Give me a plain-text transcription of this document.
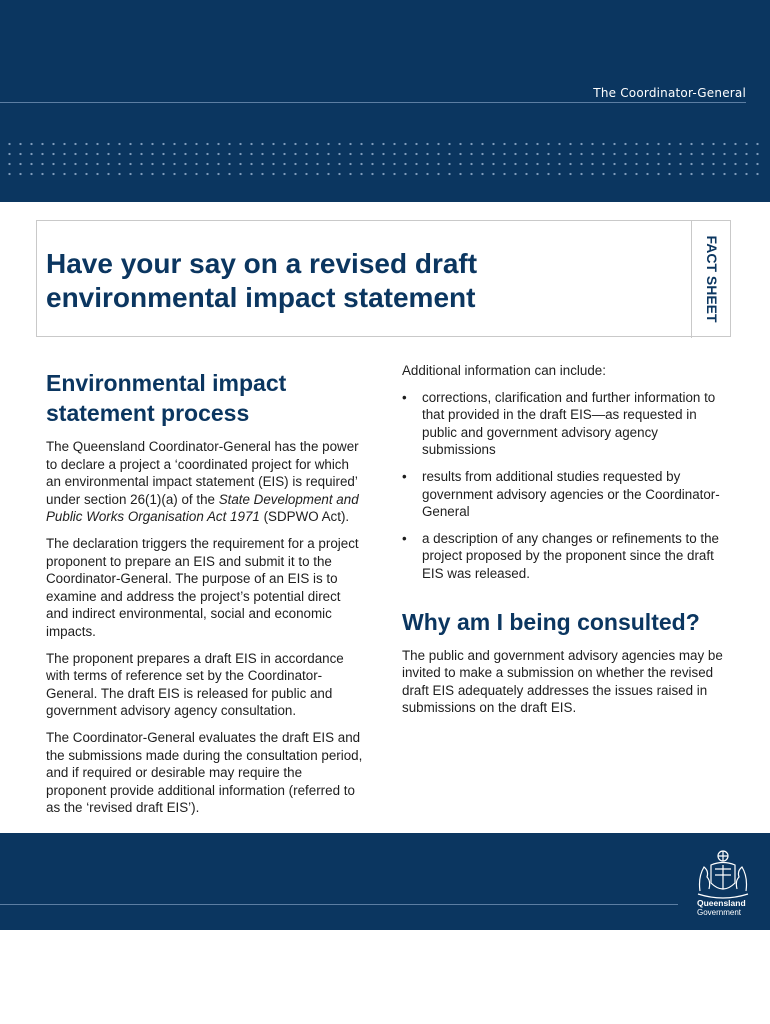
The Coordinator-General
Have your say on a revised draft environmental impact statement	FACT SHEET
Environmental impact statement process

The Queensland Coordinator-General has the power to declare a project a ‘coordinated project for which an environmental impact statement (EIS) is required’ under section 26(1)(a) of the State Development and Public Works Organisation Act 1971 (SDPWO Act).

The declaration triggers the requirement for a project proponent to prepare an EIS and submit it to the Coordinator-General. The purpose of an EIS is to examine and address the project’s potential direct and indirect environmental, social and economic impacts.

The proponent prepares a draft EIS in accordance with terms of reference set by the Coordinator-General. The draft EIS is released for public and government advisory agency consultation.

The Coordinator-General evaluates the draft EIS and the submissions made during the consultation period, and if required or desirable may require the proponent provide additional information (referred to as the ‘revised draft EIS’).

Additional information can include:

• corrections, clarification and further information to that provided in the draft EIS—as requested in public and government advisory agency submissions
• results from additional studies requested by government advisory agencies or the Coordinator-General
• a description of any changes or refinements to the project proposed by the proponent since the draft EIS was released.
Why am I being consulted?

The public and government advisory agencies may be invited to make a submission on whether the revised draft EIS adequately addresses the issues raised in submissions on the draft EIS.

Queensland
Government
